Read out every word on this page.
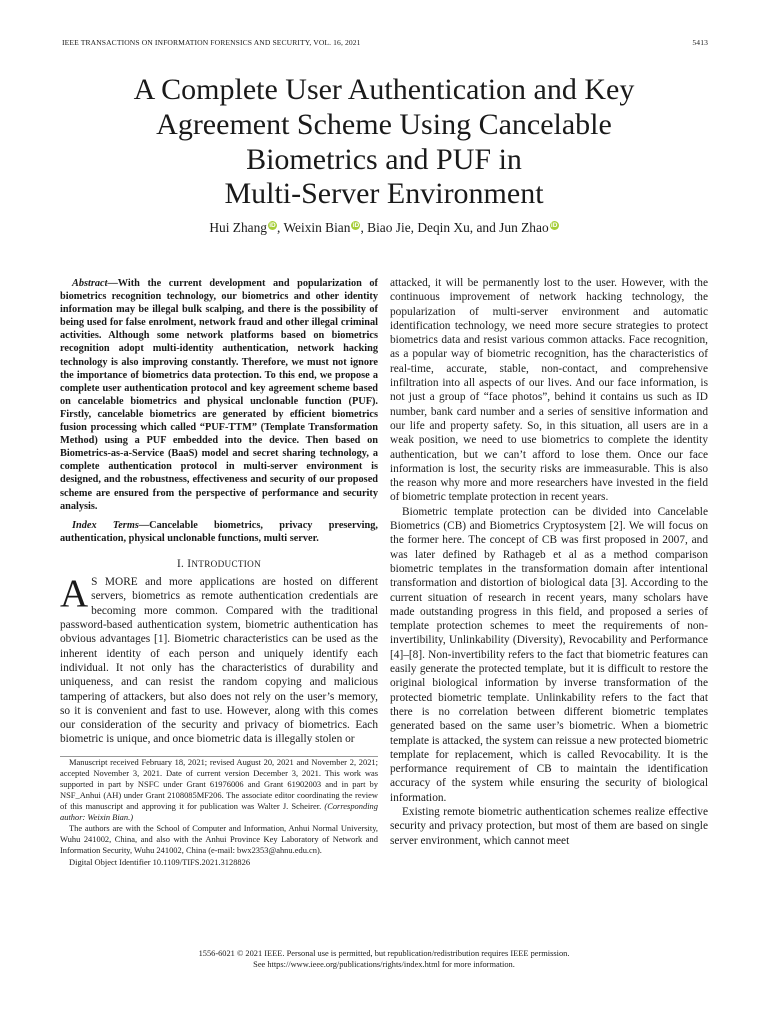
IEEE TRANSACTIONS ON INFORMATION FORENSICS AND SECURITY, VOL. 16, 2021	5413
A Complete User Authentication and Key
Agreement Scheme Using Cancelable
Biometrics and PUF in
Multi-Server Environment
Hui Zhang iD, Weixin Bian iD, Biao Jie, Deqin Xu, and Jun Zhao iD

Abstract—With the current development and popularization of biometrics recognition technology, our biometrics and other identity information may be illegal bulk scalping, and there is the possibility of being used for false enrolment, network fraud and other illegal criminal activities. Although some network platforms based on biometrics recognition adopt multi-identity authentication, network hacking technology is also improving constantly. Therefore, we must not ignore the importance of biometrics data protection. To this end, we propose a complete user authentication protocol and key agreement scheme based on cancelable biometrics and physical unclonable function (PUF). Firstly, cancelable biometrics are generated by efficient biometrics fusion processing which called “PUF-TTM” (Template Transformation Method) using a PUF embedded into the device. Then based on Biometrics-as-a-Service (BaaS) model and secret sharing technology, a complete authentication protocol in multi-server environment is designed, and the robustness, effectiveness and security of our proposed scheme are ensured from the perspective of performance and security analysis.

Index Terms—Cancelable biometrics, privacy preserving, authentication, physical unclonable functions, multi server.

I. INTRODUCTION

A S MORE and more applications are hosted on different servers, biometrics as remote authentication credentials are becoming more common. Compared with the traditional password-based authentication system, biometric authentication has obvious advantages [1]. Biometric characteristics can be used as the inherent identity of each person and uniquely identify each individual. It not only has the characteristics of durability and uniqueness, and can resist the random copying and malicious tampering of attackers, but also does not rely on the user’s memory, so it is convenient and fast to use. However, along with this comes our consideration of the security and privacy of biometrics. Each biometric is unique, and once biometric data is illegally stolen or

Manuscript received February 18, 2021; revised August 20, 2021 and November 2, 2021; accepted November 3, 2021. Date of current version December 3, 2021. This work was supported in part by NSFC under Grant 61976006 and Grant 61902003 and in part by NSF_Anhui (AH) under Grant 2108085MF206. The associate editor coordinating the review of this manuscript and approving it for publication was Walter J. Scheirer. (Corresponding author: Weixin Bian.)

The authors are with the School of Computer and Information, Anhui Normal University, Wuhu 241002, China, and also with the Anhui Province Key Laboratory of Network and Information Security, Wuhu 241002, China (e-mail: bwx2353@ahnu.edu.cn).

Digital Object Identifier 10.1109/TIFS.2021.3128826

attacked, it will be permanently lost to the user. However, with the continuous improvement of network hacking technology, the popularization of multi-server environment and automatic identification technology, we need more secure strategies to protect biometrics data and resist various common attacks. Face recognition, as a popular way of biometric recognition, has the characteristics of real-time, accurate, stable, non-contact, and comprehensive infiltration into all aspects of our lives. And our face information, is not just a group of “face photos”, behind it contains us such as ID number, bank card number and a series of sensitive information and our life and property safety. So, in this situation, all users are in a weak position, we need to use biometrics to complete the identity authentication, but we can’t afford to lose them. Once our face information is lost, the security risks are immeasurable. This is also the reason why more and more researchers have invested in the field of biometric template protection in recent years.

Biometric template protection can be divided into Cancelable Biometrics (CB) and Biometrics Cryptosystem [2]. We will focus on the former here. The concept of CB was first proposed in 2007, and was later defined by Rathageb et al as a method comparison biometric templates in the transformation domain after intentional transformation and distortion of biological data [3]. According to the current situation of research in recent years, many scholars have made outstanding progress in this field, and proposed a series of template protection schemes to meet the requirements of non-invertibility, Unlinkability (Diversity), Revocability and Performance [4]–[8]. Non-invertibility refers to the fact that biometric features can easily generate the protected template, but it is difficult to restore the original biological information by inverse transformation of the protected biometric template. Unlinkability refers to the fact that there is no correlation between different biometric templates generated based on the same user’s biometric. When a biometric template is attacked, the system can reissue a new protected biometric template for replacement, which is called Revocability. It is the performance requirement of CB to maintain the identification accuracy of the system while ensuring the security of biological information.

Existing remote biometric authentication schemes realize effective security and privacy protection, but most of them are based on single server environment, which cannot meet

1556-6021 © 2021 IEEE. Personal use is permitted, but republication/redistribution requires IEEE permission.
See https://www.ieee.org/publications/rights/index.html for more information.
